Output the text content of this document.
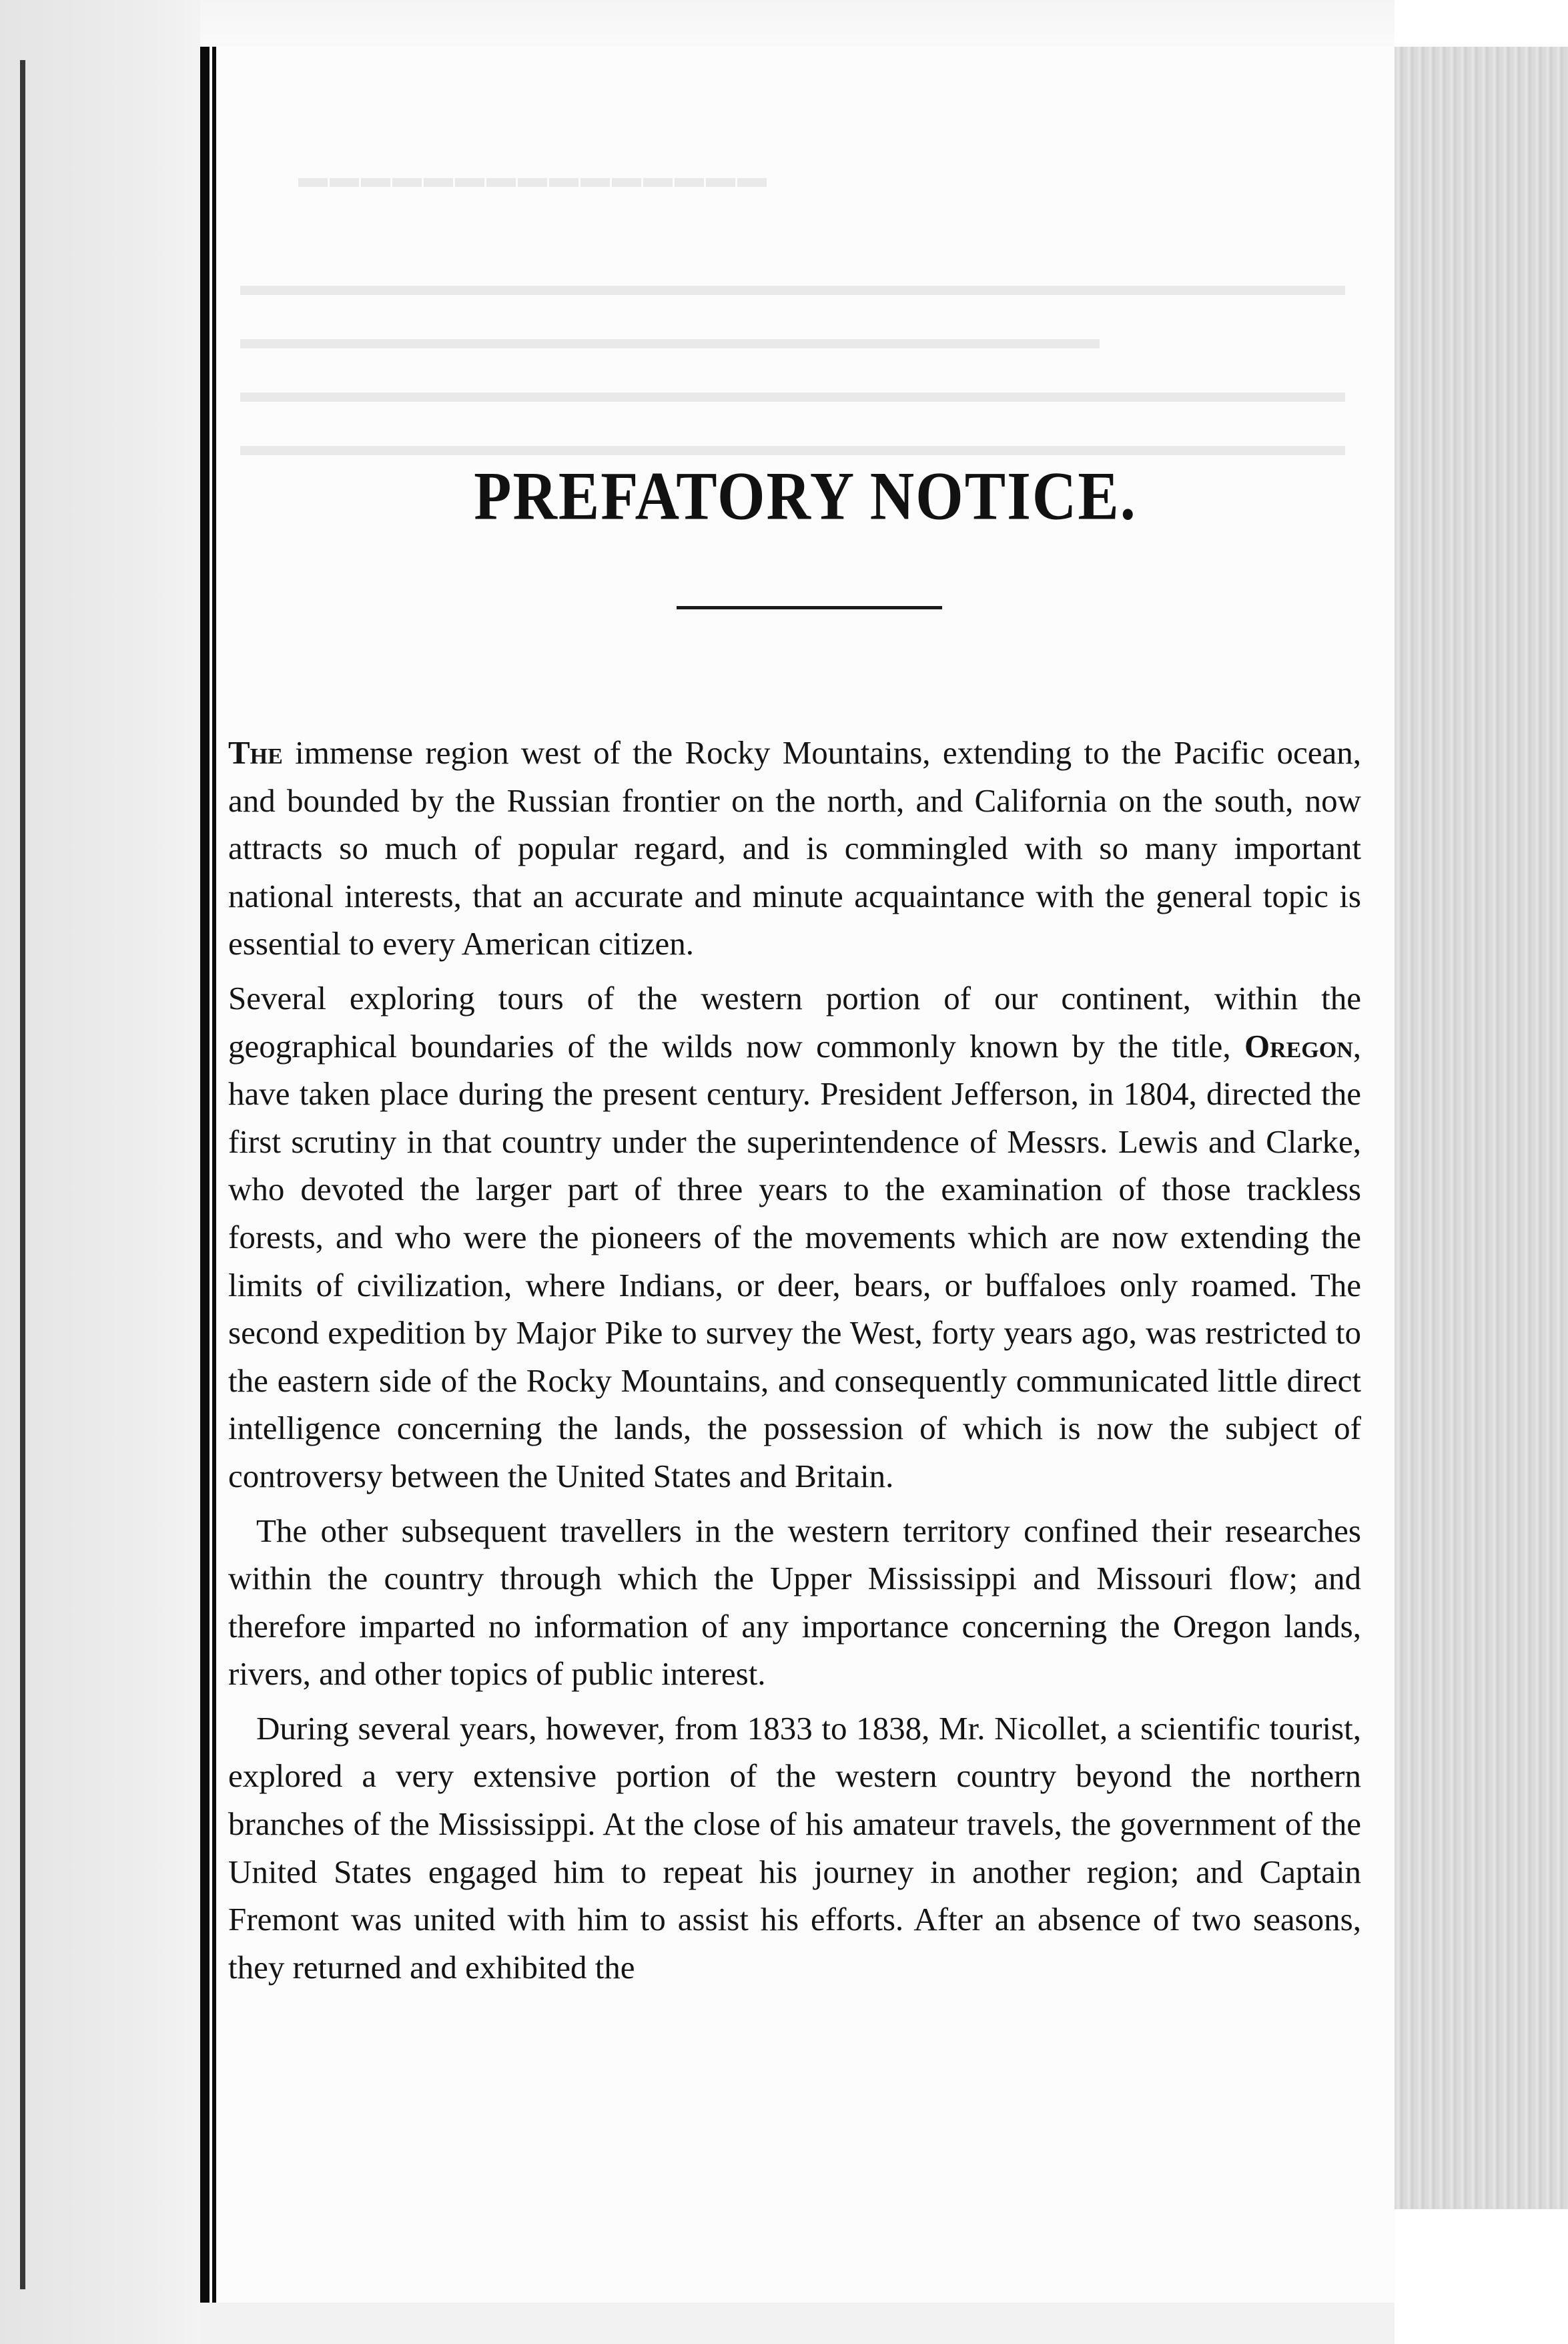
▬▬▬▬▬▬▬▬▬▬▬▬▬▬▬
▬▬▬▬▬▬▬▬▬▬▬▬▬▬▬▬▬▬▬▬▬▬▬▬▬▬▬▬▬▬▬▬▬▬▬▬
▬▬▬▬▬▬▬▬▬▬▬▬▬▬▬▬▬▬▬▬▬▬▬▬▬▬▬▬
▬▬▬▬▬▬▬▬▬▬▬▬▬▬▬▬▬▬▬▬▬▬▬▬▬▬▬▬▬▬▬▬▬▬▬▬
▬▬▬▬▬▬▬▬▬▬▬▬▬▬▬▬▬▬▬▬▬▬▬▬▬▬▬▬▬▬▬▬▬▬▬▬
PREFATORY NOTICE.

The immense region west of the Rocky Mountains, extending to the Pacific ocean, and bounded by the Russian frontier on the north, and California on the south, now attracts so much of popular regard, and is commingled with so many important national interests, that an accurate and minute acquaintance with the general topic is essential to every American citizen.

Several exploring tours of the western portion of our continent, within the geographical boundaries of the wilds now commonly known by the title, Oregon, have taken place during the present century. President Jefferson, in 1804, directed the first scrutiny in that country under the superintendence of Messrs. Lewis and Clarke, who devoted the larger part of three years to the examination of those trackless forests, and who were the pioneers of the movements which are now extending the limits of civilization, where Indians, or deer, bears, or buffaloes only roamed. The second expedition by Major Pike to survey the West, forty years ago, was restricted to the eastern side of the Rocky Mountains, and consequently communicated little direct intelligence concerning the lands, the possession of which is now the subject of controversy between the United States and Britain.

The other subsequent travellers in the western territory confined their researches within the country through which the Upper Mississippi and Missouri flow; and therefore imparted no information of any importance concerning the Oregon lands, rivers, and other topics of public interest.

During several years, however, from 1833 to 1838, Mr. Nicollet, a scientific tourist, explored a very extensive portion of the western country beyond the northern branches of the Mississippi. At the close of his amateur travels, the government of the United States engaged him to repeat his journey in another region; and Captain Fremont was united with him to assist his efforts. After an absence of two seasons, they returned and exhibited the
